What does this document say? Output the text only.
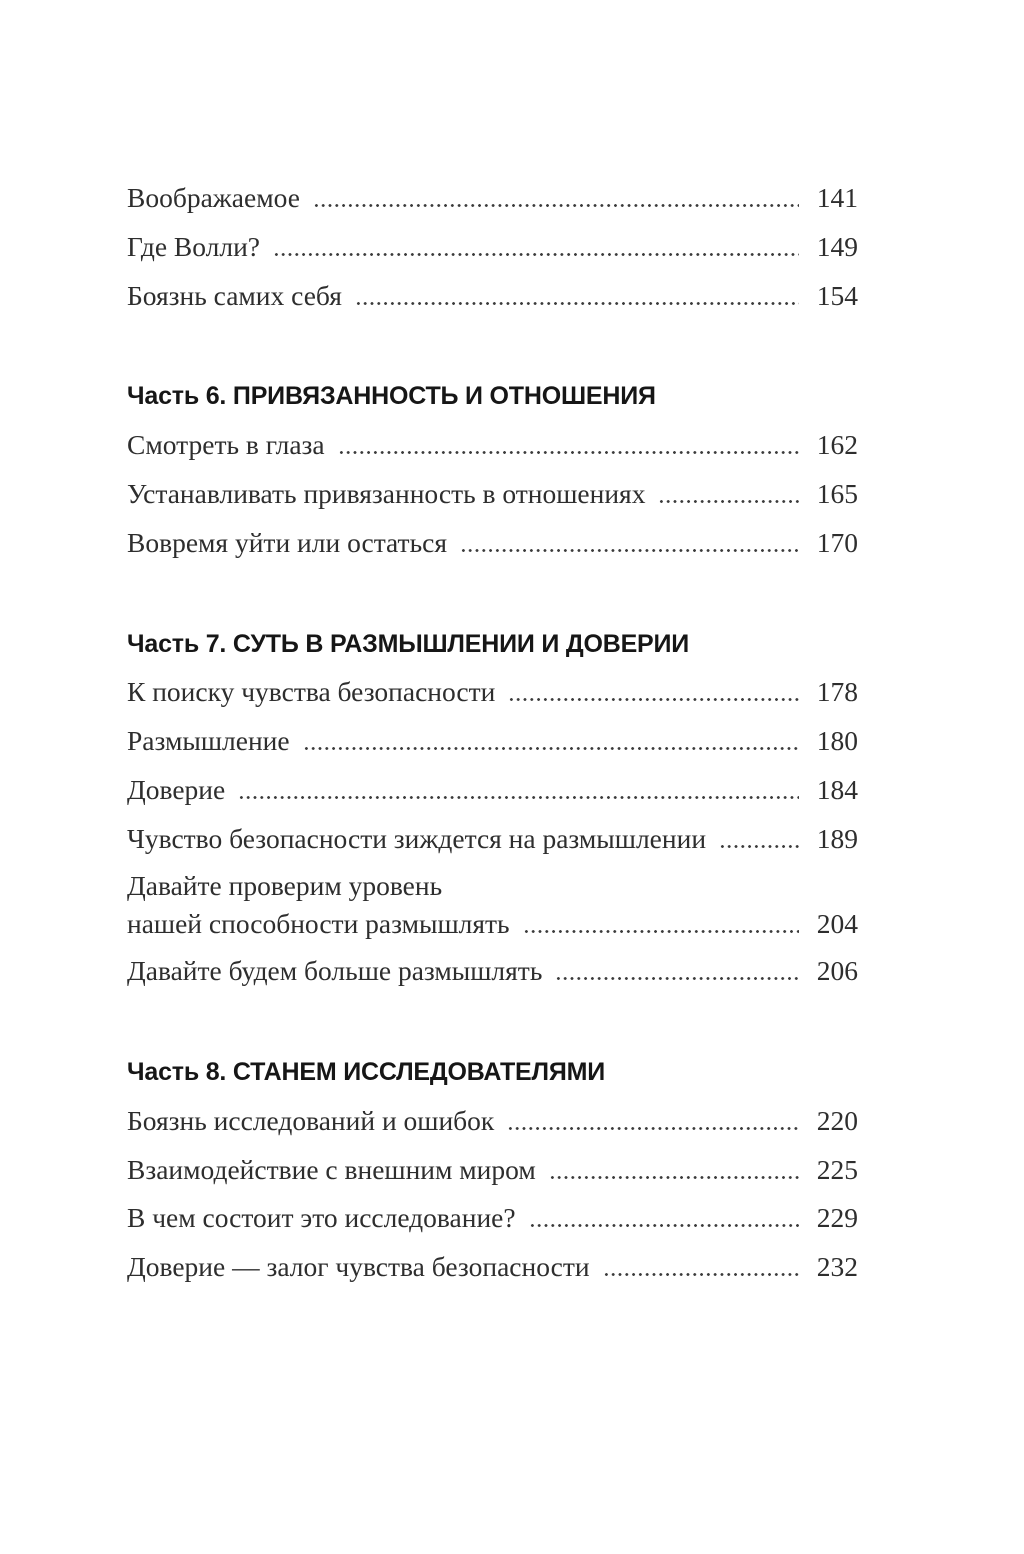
Воображаемое	141
Где Волли?	149
Боязнь самих себя	154
Часть 6. ПРИВЯЗАННОСТЬ И ОТНОШЕНИЯ
Смотреть в глаза	162
Устанавливать привязанность в отношениях	165
Вовремя уйти или остаться	170
Часть 7. СУТЬ В РАЗМЫШЛЕНИИ И ДОВЕРИИ
К поиску чувства безопасности	178
Размышление	180
Доверие	184
Чувство безопасности зиждется на размышлении	189
Давайте проверим уровень
нашей способности размышлять	204
Давайте будем больше размышлять	206
Часть 8. СТАНЕМ ИССЛЕДОВАТЕЛЯМИ
Боязнь исследований и ошибок	220
Взаимодействие с внешним миром	225
В чем состоит это исследование?	229
Доверие — залог чувства безопасности	232
